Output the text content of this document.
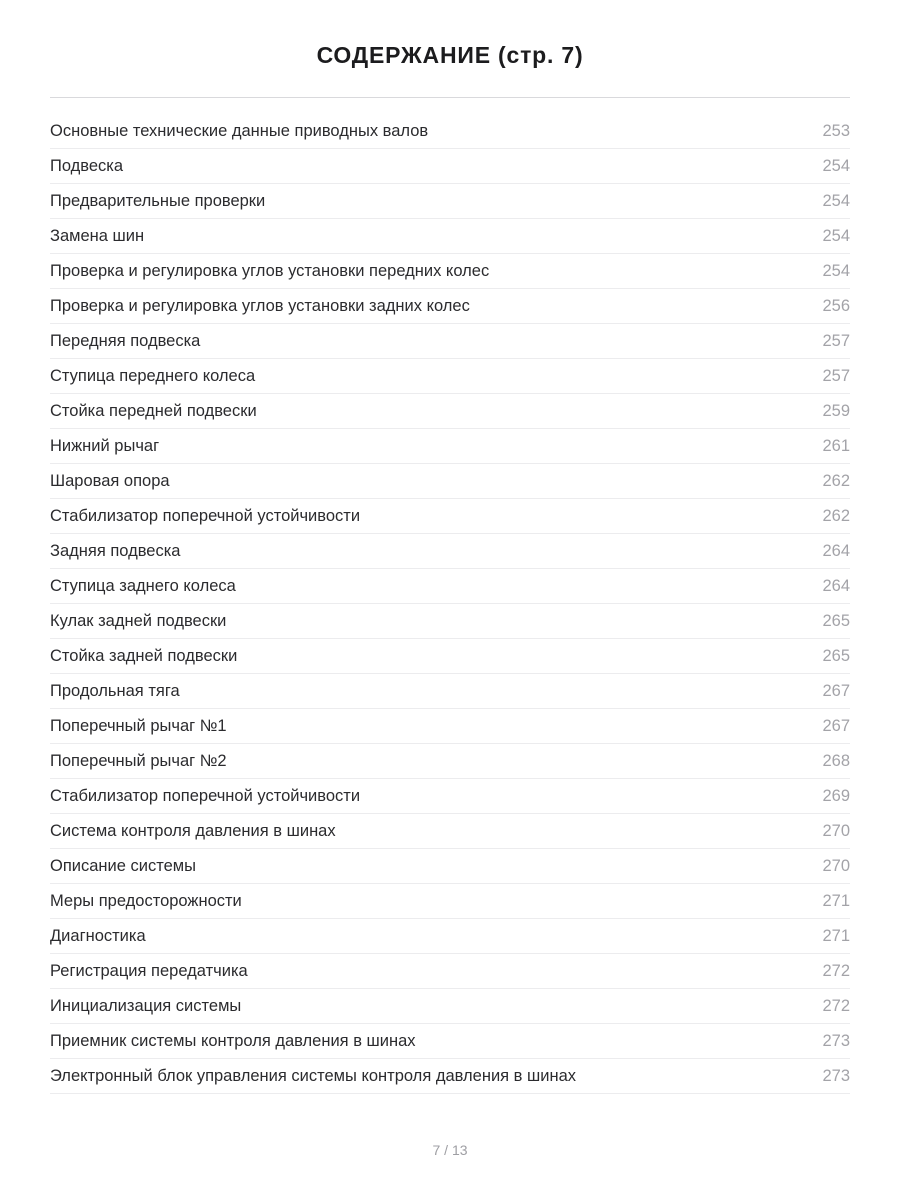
СОДЕРЖАНИЕ (стр. 7)
Основные технические данные приводных валов	253
Подвеска	254
Предварительные проверки	254
Замена шин	254
Проверка и регулировка углов установки передних колес	254
Проверка и регулировка углов установки задних колес	256
Передняя подвеска	257
Ступица переднего колеса	257
Стойка передней подвески	259
Нижний рычаг	261
Шаровая опора	262
Стабилизатор поперечной устойчивости	262
Задняя подвеска	264
Ступица заднего колеса	264
Кулак задней подвески	265
Стойка задней подвески	265
Продольная тяга	267
Поперечный рычаг №1	267
Поперечный рычаг №2	268
Стабилизатор поперечной устойчивости	269
Система контроля давления в шинах	270
Описание системы	270
Меры предосторожности	271
Диагностика	271
Регистрация передатчика	272
Инициализация системы	272
Приемник системы контроля давления в шинах	273
Электронный блок управления системы контроля давления в шинах	273
7 / 13
